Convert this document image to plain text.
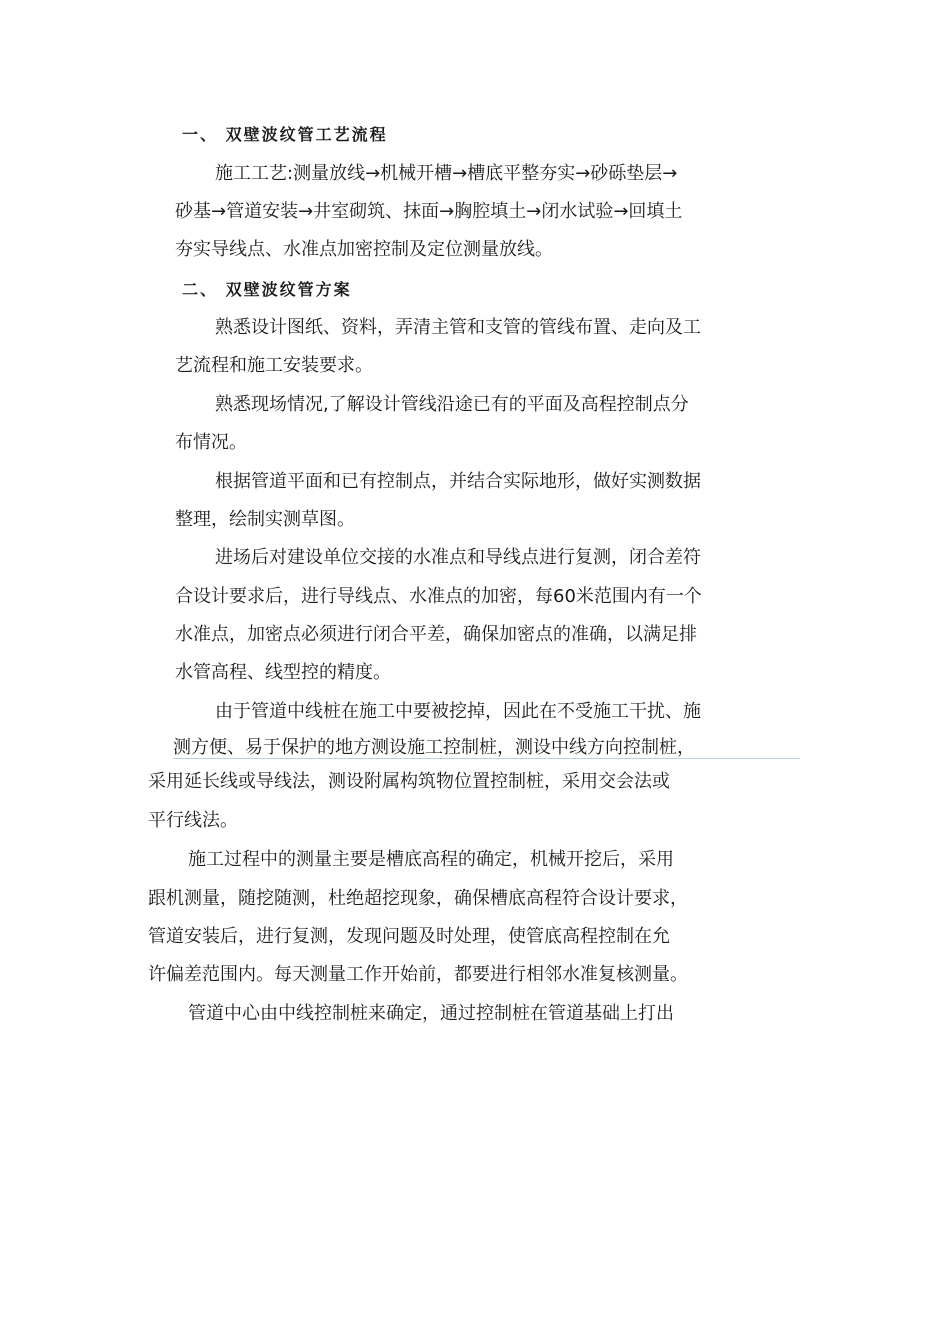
一、 双壁波纹管工艺流程
施工工艺:测量放线→机械开槽→槽底平整夯实→砂砾垫层→
砂基→管道安装→井室砌筑、抹面→胸腔填土→闭水试验→回填土
夯实导线点、水准点加密控制及定位测量放线。
二、 双壁波纹管方案
熟悉设计图纸、资料，弄清主管和支管的管线布置、走向及工
艺流程和施工安装要求。
熟悉现场情况,了解设计管线沿途已有的平面及高程控制点分
布情况。
根据管道平面和已有控制点，并结合实际地形，做好实测数据
整理，绘制实测草图。
进场后对建设单位交接的水准点和导线点进行复测，闭合差符
合设计要求后，进行导线点、水准点的加密，每60米范围内有一个
水准点，加密点必须进行闭合平差，确保加密点的准确，以满足排
水管高程、线型控的精度。
由于管道中线桩在施工中要被挖掉，因此在不受施工干扰、施
测方便、易于保护的地方测设施工控制桩，测设中线方向控制桩，
采用延长线或导线法，测设附属构筑物位置控制桩，采用交会法或
平行线法。
施工过程中的测量主要是槽底高程的确定，机械开挖后，采用
跟机测量，随挖随测，杜绝超挖现象，确保槽底高程符合设计要求，
管道安装后，进行复测，发现问题及时处理，使管底高程控制在允
许偏差范围内。每天测量工作开始前，都要进行相邻水准复核测量。
管道中心由中线控制桩来确定，通过控制桩在管道基础上打出
